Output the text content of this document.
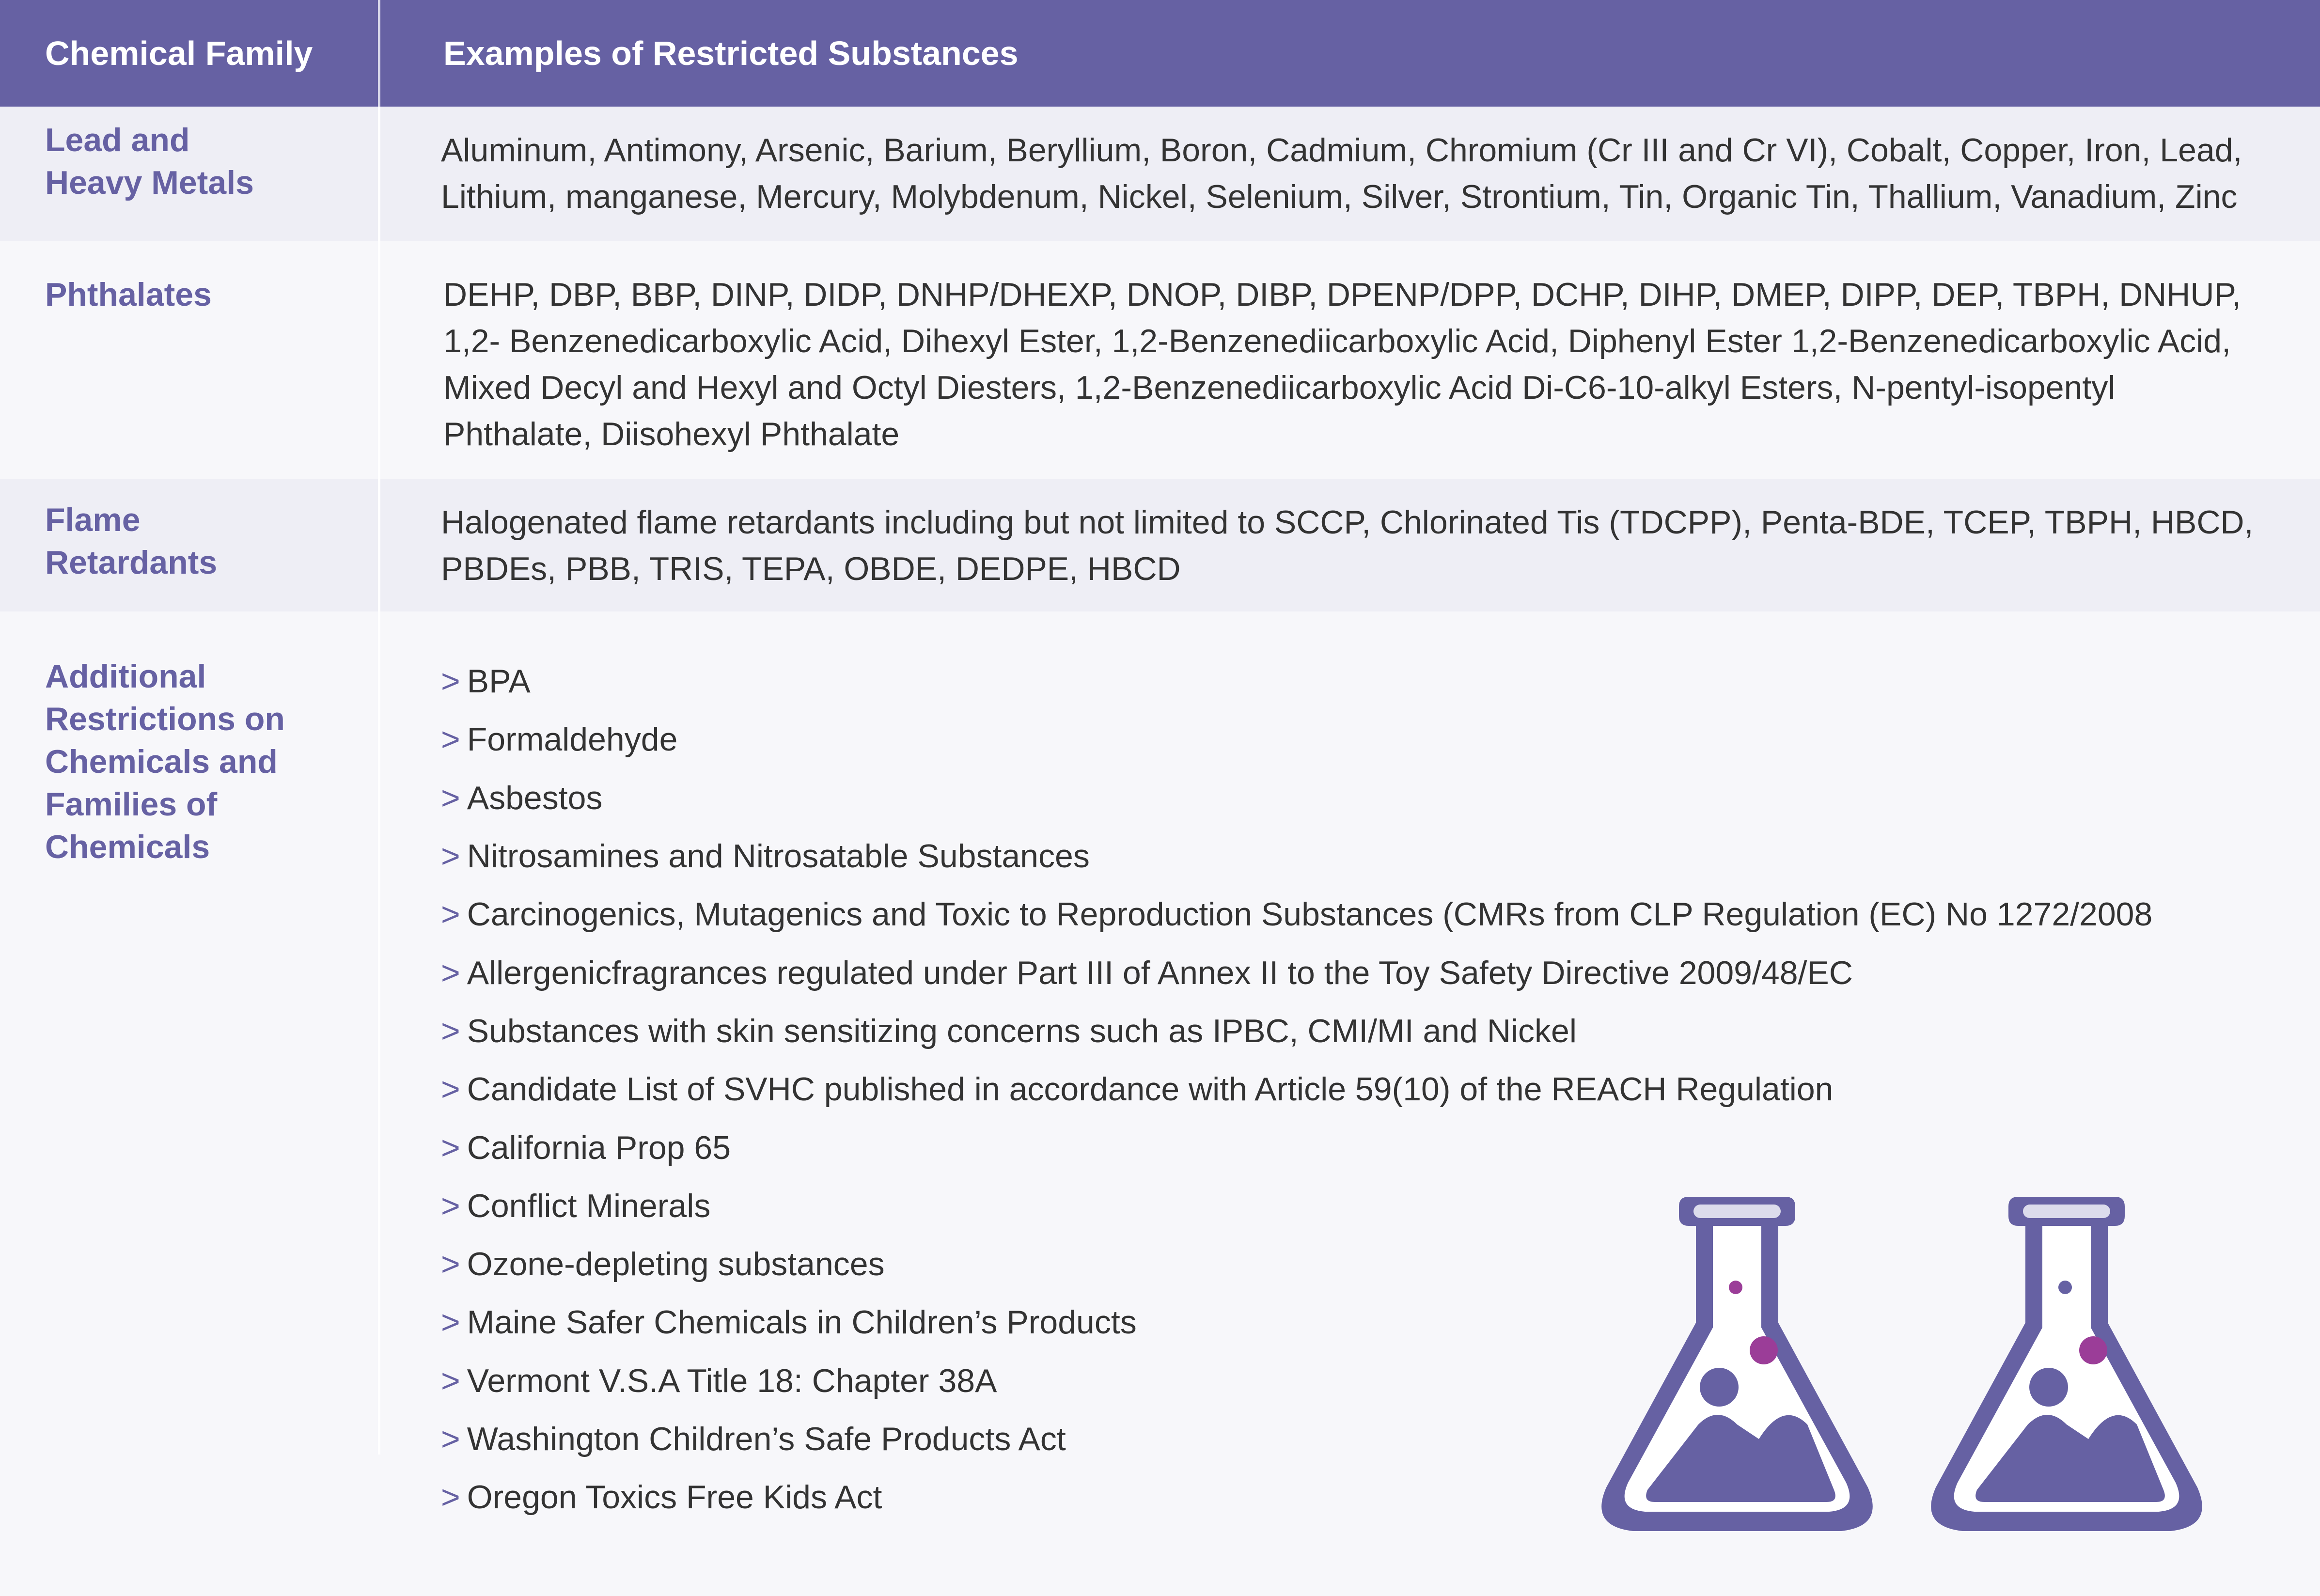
Chemical Family	Examples of Restricted Substances
Lead and
Heavy Metals
Aluminum, Antimony, Arsenic, Barium, Beryllium, Boron, Cadmium, Chromium (Cr III and Cr VI), Cobalt, Copper, Iron, Lead,
Lithium, manganese, Mercury, Molybdenum, Nickel, Selenium, Silver, Strontium, Tin, Organic Tin, Thallium, Vanadium, Zinc
Phthalates	DEHP, DBP, BBP, DINP, DIDP, DNHP/DHEXP, DNOP, DIBP, DPENP/DPP, DCHP, DIHP, DMEP, DIPP, DEP, TBPH, DNHUP,
1,2- Benzenedicarboxylic Acid, Dihexyl Ester, 1,2-Benzenediicarboxylic Acid, Diphenyl Ester 1,2-Benzenedicarboxylic Acid,
Mixed Decyl and Hexyl and Octyl Diesters, 1,2-Benzenediicarboxylic Acid Di-C6-10-alkyl Esters, N-pentyl-isopentyl
Phthalate, Diisohexyl Phthalate
Flame
Retardants
Halogenated flame retardants including but not limited to SCCP, Chlorinated Tis (TDCPP), Penta-BDE, TCEP, TBPH, HBCD,
PBDEs, PBB, TRIS, TEPA, OBDE, DEDPE, HBCD
Additional
Restrictions on
Chemicals and
Families of
Chemicals
> BPA
> Formaldehyde
> Asbestos
> Nitrosamines and Nitrosatable Substances
> Carcinogenics, Mutagenics and Toxic to Reproduction Substances (CMRs from CLP Regulation (EC) No 1272/2008
> Allergenicfragrances regulated under Part III of Annex II to the Toy Safety Directive 2009/48/EC
> Substances with skin sensitizing concerns such as IPBC, CMI/MI and Nickel
> Candidate List of SVHC published in accordance with Article 59(10) of the REACH Regulation
> California Prop 65
> Conflict Minerals
> Ozone-depleting substances
> Maine Safer Chemicals in Children’s Products
> Vermont V.S.A Title 18: Chapter 38A
> Washington Children’s Safe Products Act
> Oregon Toxics Free Kids Act
